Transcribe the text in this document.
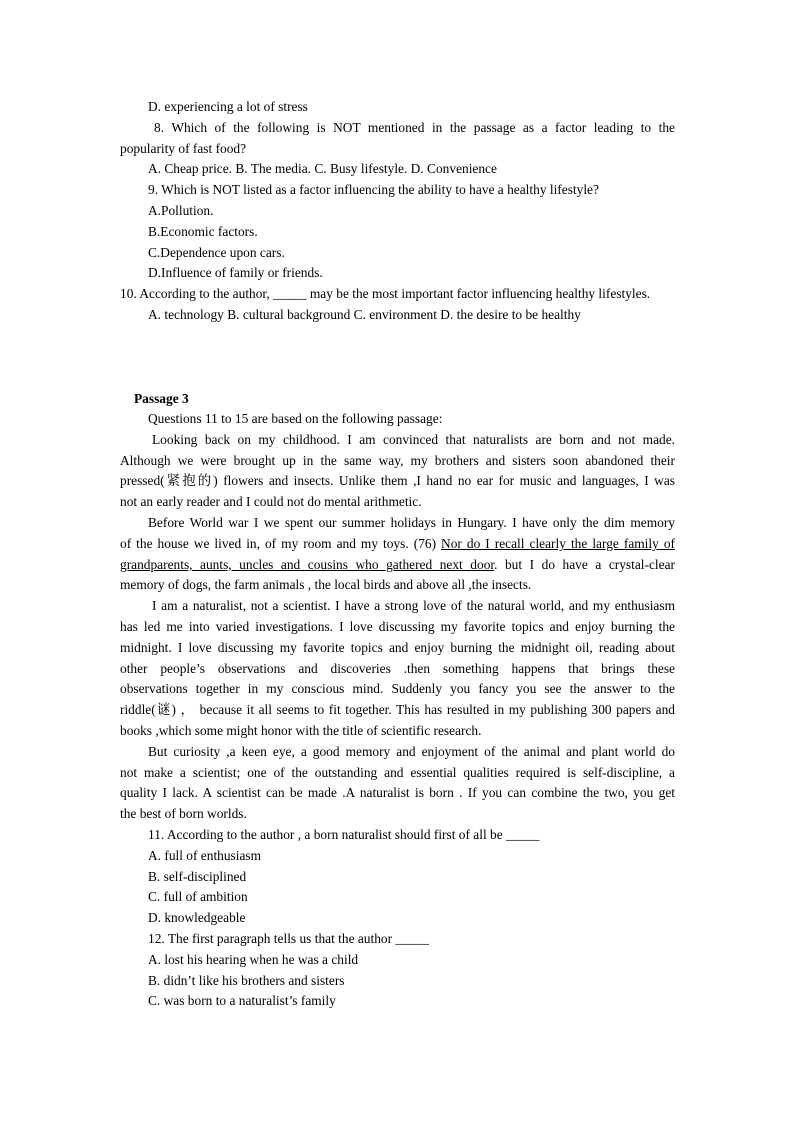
D. experiencing a lot of stress
8. Which of the following is NOT mentioned in the passage as a factor leading to the
popularity of fast food?
A. Cheap price. B. The media. C. Busy lifestyle. D. Convenience
9. Which is NOT listed as a factor influencing the ability to have a healthy lifestyle?
A.Pollution.
B.Economic factors.
C.Dependence upon cars.
D.Influence of family or friends.
10. According to the author, _____ may be the most important factor influencing healthy lifestyles.
A. technology B. cultural background C. environment D. the desire to be healthy
Passage 3
Questions 11 to 15 are based on the following passage:
Looking back on my childhood. I am convinced that naturalists are born and not made.
Although we were brought up in the same way, my brothers and sisters soon abandoned their
pressed(紧抱的) flowers and insects. Unlike them ,I hand no ear for music and languages, I was
not an early reader and I could not do mental arithmetic.
Before World war I we spent our summer holidays in Hungary. I have only the dim memory
of the house we lived in, of my room and my toys. (76) Nor do I recall clearly the large family of
grandparents, aunts, uncles and cousins who gathered next door. but I do have a crystal-clear
memory of dogs, the farm animals , the local birds and above all ,the insects.
I am a naturalist, not a scientist. I have a strong love of the natural world, and my enthusiasm
has led me into varied investigations. I love discussing my favorite topics and enjoy burning the
midnight. I love discussing my favorite topics and enjoy burning the midnight oil, reading about
other people’s observations and discoveries .then something happens that brings these
observations together in my conscious mind. Suddenly you fancy you see the answer to the
riddle(谜) ， because it all seems to fit together. This has resulted in my publishing 300 papers and
books ,which some might honor with the title of scientific research.
But curiosity ,a keen eye, a good memory and enjoyment of the animal and plant world do
not make a scientist; one of the outstanding and essential qualities required is self-discipline, a
quality I lack. A scientist can be made .A naturalist is born . If you can combine the two, you get
the best of born worlds.
11. According to the author , a born naturalist should first of all be _____
A. full of enthusiasm
B. self-disciplined
C. full of ambition
D. knowledgeable
12. The first paragraph tells us that the author _____
A. lost his hearing when he was a child
B. didn’t like his brothers and sisters
C. was born to a naturalist’s family
